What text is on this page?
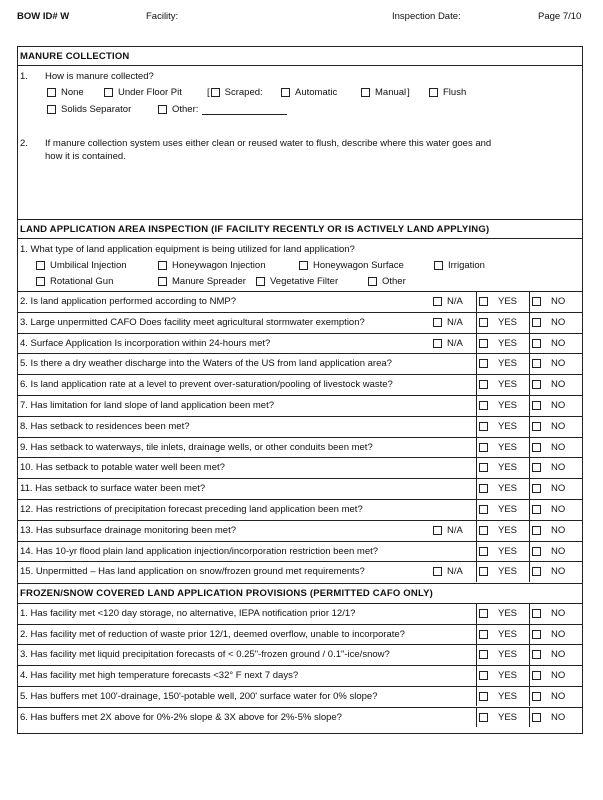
BOW ID# W	Facility:	Inspection Date:	Page 7/10
MANURE COLLECTION
1. How is manure collected?
None	Under Floor Pit	[ Scraped:	Automatic	Manual ]	Flush
Solids Separator	Other:
2. If manure collection system uses either clean or reused water to flush, describe where this water goes and
how it is contained.
LAND APPLICATION AREA INSPECTION (IF FACILITY RECENTLY OR IS ACTIVELY LAND APPLYING)
1. What type of land application equipment is being utilized for land application?
Umbilical Injection	Honeywagon Injection	Honeywagon Surface	Irrigation
Rotational Gun	Manure Spreader	Vegetative Filter	Other
2. Is land application performed according to NMP?	N/A	YES	NO
3. Large unpermitted CAFO Does facility meet agricultural stormwater exemption?	N/A	YES	NO
4. Surface Application Is incorporation within 24-hours met?	N/A	YES	NO
5. Is there a dry weather discharge into the Waters of the US from land application area?	YES	NO
6. Is land application rate at a level to prevent over-saturation/pooling of livestock waste?	YES	NO
7. Has limitation for land slope of land application been met?	YES	NO
8. Has setback to residences been met?	YES	NO
9. Has setback to waterways, tile inlets, drainage wells, or other conduits been met?	YES	NO
10. Has setback to potable water well been met?	YES	NO
11. Has setback to surface water been met?	YES	NO
12. Has restrictions of precipitation forecast preceding land application been met?	YES	NO
13. Has subsurface drainage monitoring been met?	N/A	YES	NO
14. Has 10-yr flood plain land application injection/incorporation restriction been met?	YES	NO
15. Unpermitted – Has land application on snow/frozen ground met requirements?	N/A	YES	NO
FROZEN/SNOW COVERED LAND APPLICATION PROVISIONS (PERMITTED CAFO ONLY)
1. Has facility met <120 day storage, no alternative, IEPA notification prior 12/1?	YES	NO
2. Has facility met of reduction of waste prior 12/1, deemed overflow, unable to incorporate?	YES	NO
3. Has facility met liquid precipitation forecasts of < 0.25"-frozen ground / 0.1"-ice/snow?	YES	NO
4. Has facility met high temperature forecasts <32° F next 7 days?	YES	NO
5. Has buffers met 100'-drainage, 150'-potable well, 200' surface water for 0% slope?	YES	NO
6. Has buffers met 2X above for 0%-2% slope & 3X above for 2%-5% slope?	YES	NO
